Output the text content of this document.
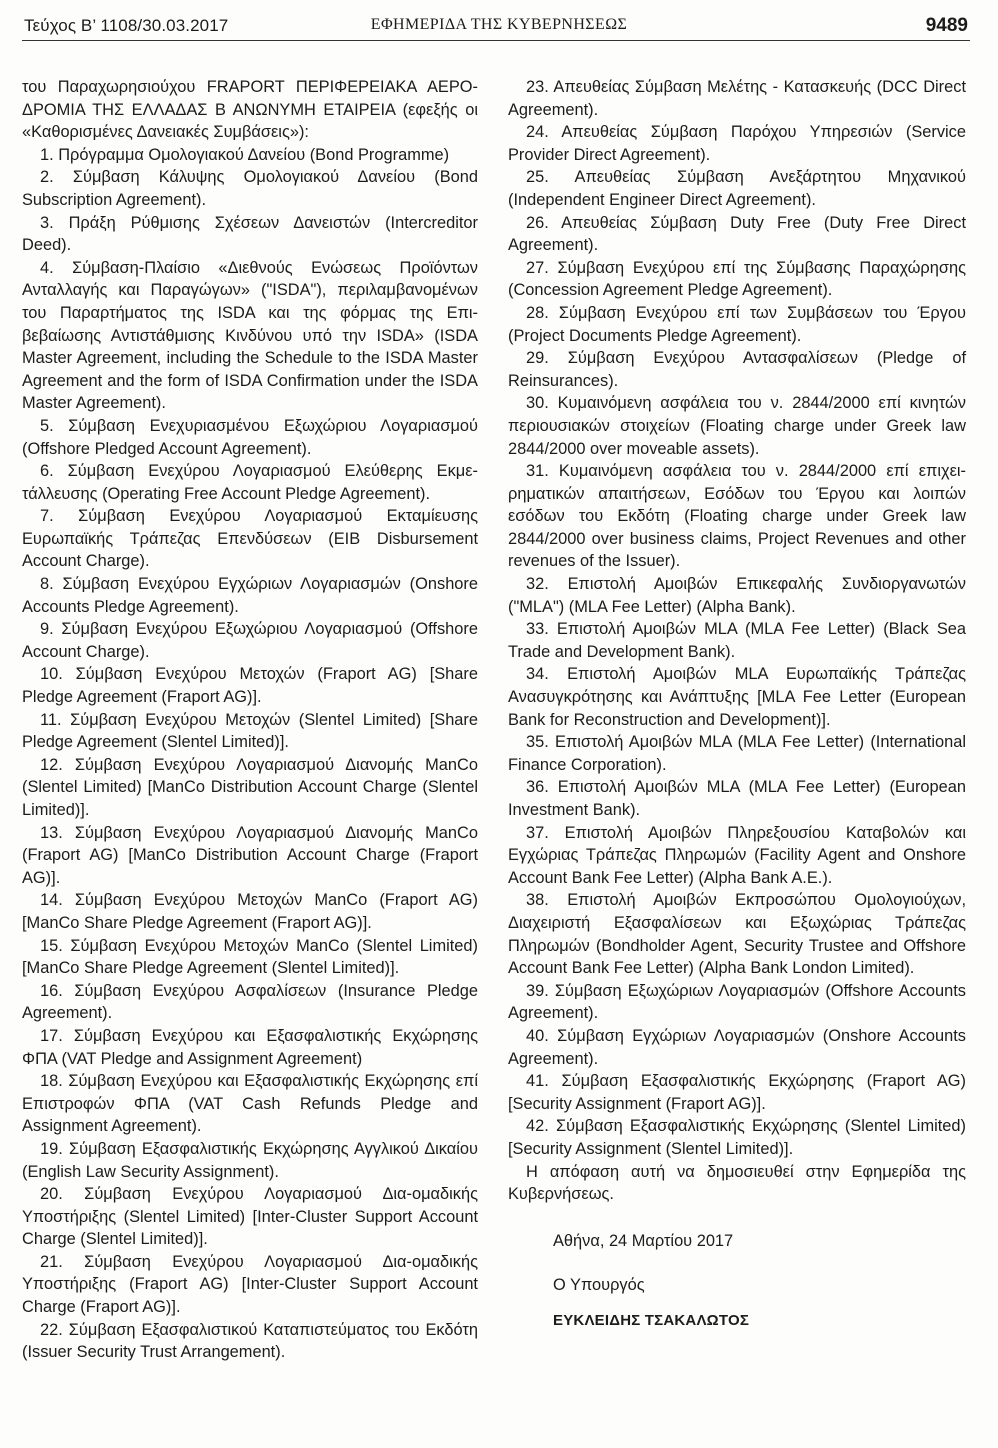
Τεύχος Β’ 1108/30.03.2017	ΕΦΗΜΕΡΙΔΑ ΤΗΣ ΚΥΒΕΡΝΗΣΕΩΣ	9489

του Παραχωρησιούχου FRAPORT ΠΕΡΙΦΕΡΕΙΑΚΑ ΑΕΡΟΔΡΟΜΙΑ ΤΗΣ ΕΛΛΑΔΑΣ Β ΑΝΩΝΥΜΗ ΕΤΑΙΡΕΙΑ (εφεξής οι «Καθορισμένες Δανειακές Συμβάσεις»):

1. Πρόγραμμα Ομολογιακού Δανείου (Bond Programme)

2. Σύμβαση Κάλυψης Ομολογιακού Δανείου (Bond Subscription Agreement).

3. Πράξη Ρύθμισης Σχέσεων Δανειστών (Intercreditor Deed).

4. Σύμβαση-Πλαίσιο «Διεθνούς Ενώσεως Προϊόντων Ανταλλαγής και Παραγώγων» ("ISDA"), περιλαμβανομένων του Παραρτήματος της ISDA και της φόρμας της Επιβεβαίωσης Αντιστάθμισης Κινδύνου υπό την ISDA» (ISDA Master Agreement, including the Schedule to the ISDA Master Agreement and the form of ISDA Confirmation under the ISDA Master Agreement).

5. Σύμβαση Ενεχυριασμένου Εξωχώριου Λογαριασμού (Offshore Pledged Account Agreement).

6. Σύμβαση Ενεχύρου Λογαριασμού Ελεύθερης Εκμετάλλευσης (Operating Free Account Pledge Agreement).

7. Σύμβαση Ενεχύρου Λογαριασμού Εκταμίευσης Ευρωπαϊκής Τράπεζας Επενδύσεων (EIB Disbursement Account Charge).

8. Σύμβαση Ενεχύρου Εγχώριων Λογαριασμών (Onshore Accounts Pledge Agreement).

9. Σύμβαση Ενεχύρου Εξωχώριου Λογαριασμού (Offshore Account Charge).

10. Σύμβαση Ενεχύρου Μετοχών (Fraport AG) [Share Pledge Agreement (Fraport AG)].

11. Σύμβαση Ενεχύρου Μετοχών (Slentel Limited) [Share Pledge Agreement (Slentel Limited)].

12. Σύμβαση Ενεχύρου Λογαριασμού Διανομής ManCo (Slentel Limited) [ManCo Distribution Account Charge (Slentel Limited)].

13. Σύμβαση Ενεχύρου Λογαριασμού Διανομής ManCo (Fraport AG) [ManCo Distribution Account Charge (Fraport AG)].

14. Σύμβαση Ενεχύρου Μετοχών ManCo (Fraport AG) [ManCo Share Pledge Agreement (Fraport AG)].

15. Σύμβαση Ενεχύρου Μετοχών ManCo (Slentel Limited) [ManCo Share Pledge Agreement (Slentel Limited)].

16. Σύμβαση Ενεχύρου Ασφαλίσεων (Insurance Pledge Agreement).

17. Σύμβαση Ενεχύρου και Εξασφαλιστικής Εκχώρησης ΦΠΑ (VAT Pledge and Assignment Agreement)

18. Σύμβαση Ενεχύρου και Εξασφαλιστικής Εκχώρησης επί Επιστροφών ΦΠΑ (VAT Cash Refunds Pledge and Assignment Agreement).

19. Σύμβαση Εξασφαλιστικής Εκχώρησης Αγγλικού Δικαίου (English Law Security Assignment).

20. Σύμβαση Ενεχύρου Λογαριασμού Δια-ομαδικής Υποστήριξης (Slentel Limited) [Inter-Cluster Support Account Charge (Slentel Limited)].

21. Σύμβαση Ενεχύρου Λογαριασμού Δια-ομαδικής Υποστήριξης (Fraport AG) [Inter-Cluster Support Account Charge (Fraport AG)].

22. Σύμβαση Εξασφαλιστικού Καταπιστεύματος του Εκδότη (Issuer Security Trust Arrangement).

23. Απευθείας Σύμβαση Μελέτης - Κατασκευής (DCC Direct Agreement).

24. Απευθείας Σύμβαση Παρόχου Υπηρεσιών (Service Provider Direct Agreement).

25. Απευθείας Σύμβαση Ανεξάρτητου Μηχανικού (Independent Engineer Direct Agreement).

26. Απευθείας Σύμβαση Duty Free (Duty Free Direct Agreement).

27. Σύμβαση Ενεχύρου επί της Σύμβασης Παραχώρησης (Concession Agreement Pledge Agreement).

28. Σύμβαση Ενεχύρου επί των Συμβάσεων του Έργου (Project Documents Pledge Agreement).

29. Σύμβαση Ενεχύρου Αντασφαλίσεων (Pledge of Reinsurances).

30. Κυμαινόμενη ασφάλεια του ν. 2844/2000 επί κινητών περιουσιακών στοιχείων (Floating charge under Greek law 2844/2000 over moveable assets).

31. Κυμαινόμενη ασφάλεια του ν. 2844/2000 επί επιχειρηματικών απαιτήσεων, Εσόδων του Έργου και λοιπών εσόδων του Εκδότη (Floating charge under Greek law 2844/2000 over business claims, Project Revenues and other revenues of the Issuer).

32. Επιστολή Αμοιβών Επικεφαλής Συνδιοργανωτών ("MLA") (MLA Fee Letter) (Alpha Bank).

33. Επιστολή Αμοιβών MLA (MLA Fee Letter) (Black Sea Trade and Development Bank).

34. Επιστολή Αμοιβών MLA Ευρωπαϊκής Τράπεζας Ανασυγκρότησης και Ανάπτυξης [MLA Fee Letter (European Bank for Reconstruction and Development)].

35. Επιστολή Αμοιβών MLA (MLA Fee Letter) (International Finance Corporation).

36. Επιστολή Αμοιβών MLA (MLA Fee Letter) (European Investment Bank).

37. Επιστολή Αμοιβών Πληρεξουσίου Καταβολών και Εγχώριας Τράπεζας Πληρωμών (Facility Agent and Onshore Account Bank Fee Letter) (Alpha Bank A.E.).

38. Επιστολή Αμοιβών Εκπροσώπου Ομολογιούχων, Διαχειριστή Εξασφαλίσεων και Εξωχώριας Τράπεζας Πληρωμών (Bondholder Agent, Security Trustee and Offshore Account Bank Fee Letter) (Alpha Bank London Limited).

39. Σύμβαση Εξωχώριων Λογαριασμών (Offshore Accounts Agreement).

40. Σύμβαση Εγχώριων Λογαριασμών (Onshore Accounts Agreement).

41. Σύμβαση Εξασφαλιστικής Εκχώρησης (Fraport AG) [Security Assignment (Fraport AG)].

42. Σύμβαση Εξασφαλιστικής Εκχώρησης (Slentel Limited) [Security Assignment (Slentel Limited)].

Η απόφαση αυτή να δημοσιευθεί στην Εφημερίδα της Κυβερνήσεως.

Αθήνα, 24 Μαρτίου 2017
Ο Υπουργός
ΕΥΚΛΕΙΔΗΣ ΤΣΑΚΑΛΩΤΟΣ
